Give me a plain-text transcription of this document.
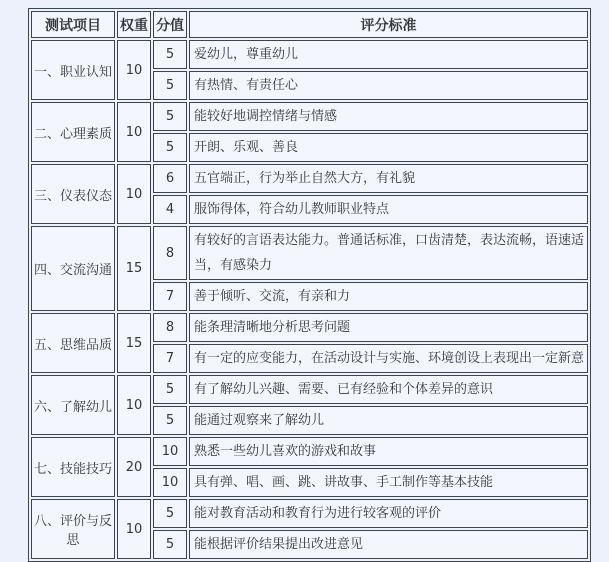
测试项目	权重	分值	评分标准
一、职业认知	10	5	爱幼儿，尊重幼儿
		5	有热情、有责任心
二、心理素质	10	5	能较好地调控情绪与情感
		5	开朗、乐观、善良
三、仪表仪态	10	6	五官端正，行为举止自然大方，有礼貌
		4	服饰得体，符合幼儿教师职业特点
四、交流沟通	15	8	有较好的言语表达能力。普通话标准，口齿清楚，表达流畅，语速适当，有感染力
		7	善于倾听、交流，有亲和力
五、思维品质	15	8	能条理清晰地分析思考问题
		7	有一定的应变能力，在活动设计与实施、环境创设上表现出一定新意
六、了解幼儿	10	5	有了解幼儿兴趣、需要、已有经验和个体差异的意识
		5	能通过观察来了解幼儿
七、技能技巧	20	10	熟悉一些幼儿喜欢的游戏和故事
		10	具有弹、唱、画、跳、讲故事、手工制作等基本技能
八、评价与反思	10	5	能对教育活动和教育行为进行较客观的评价
		5	能根据评价结果提出改进意见
